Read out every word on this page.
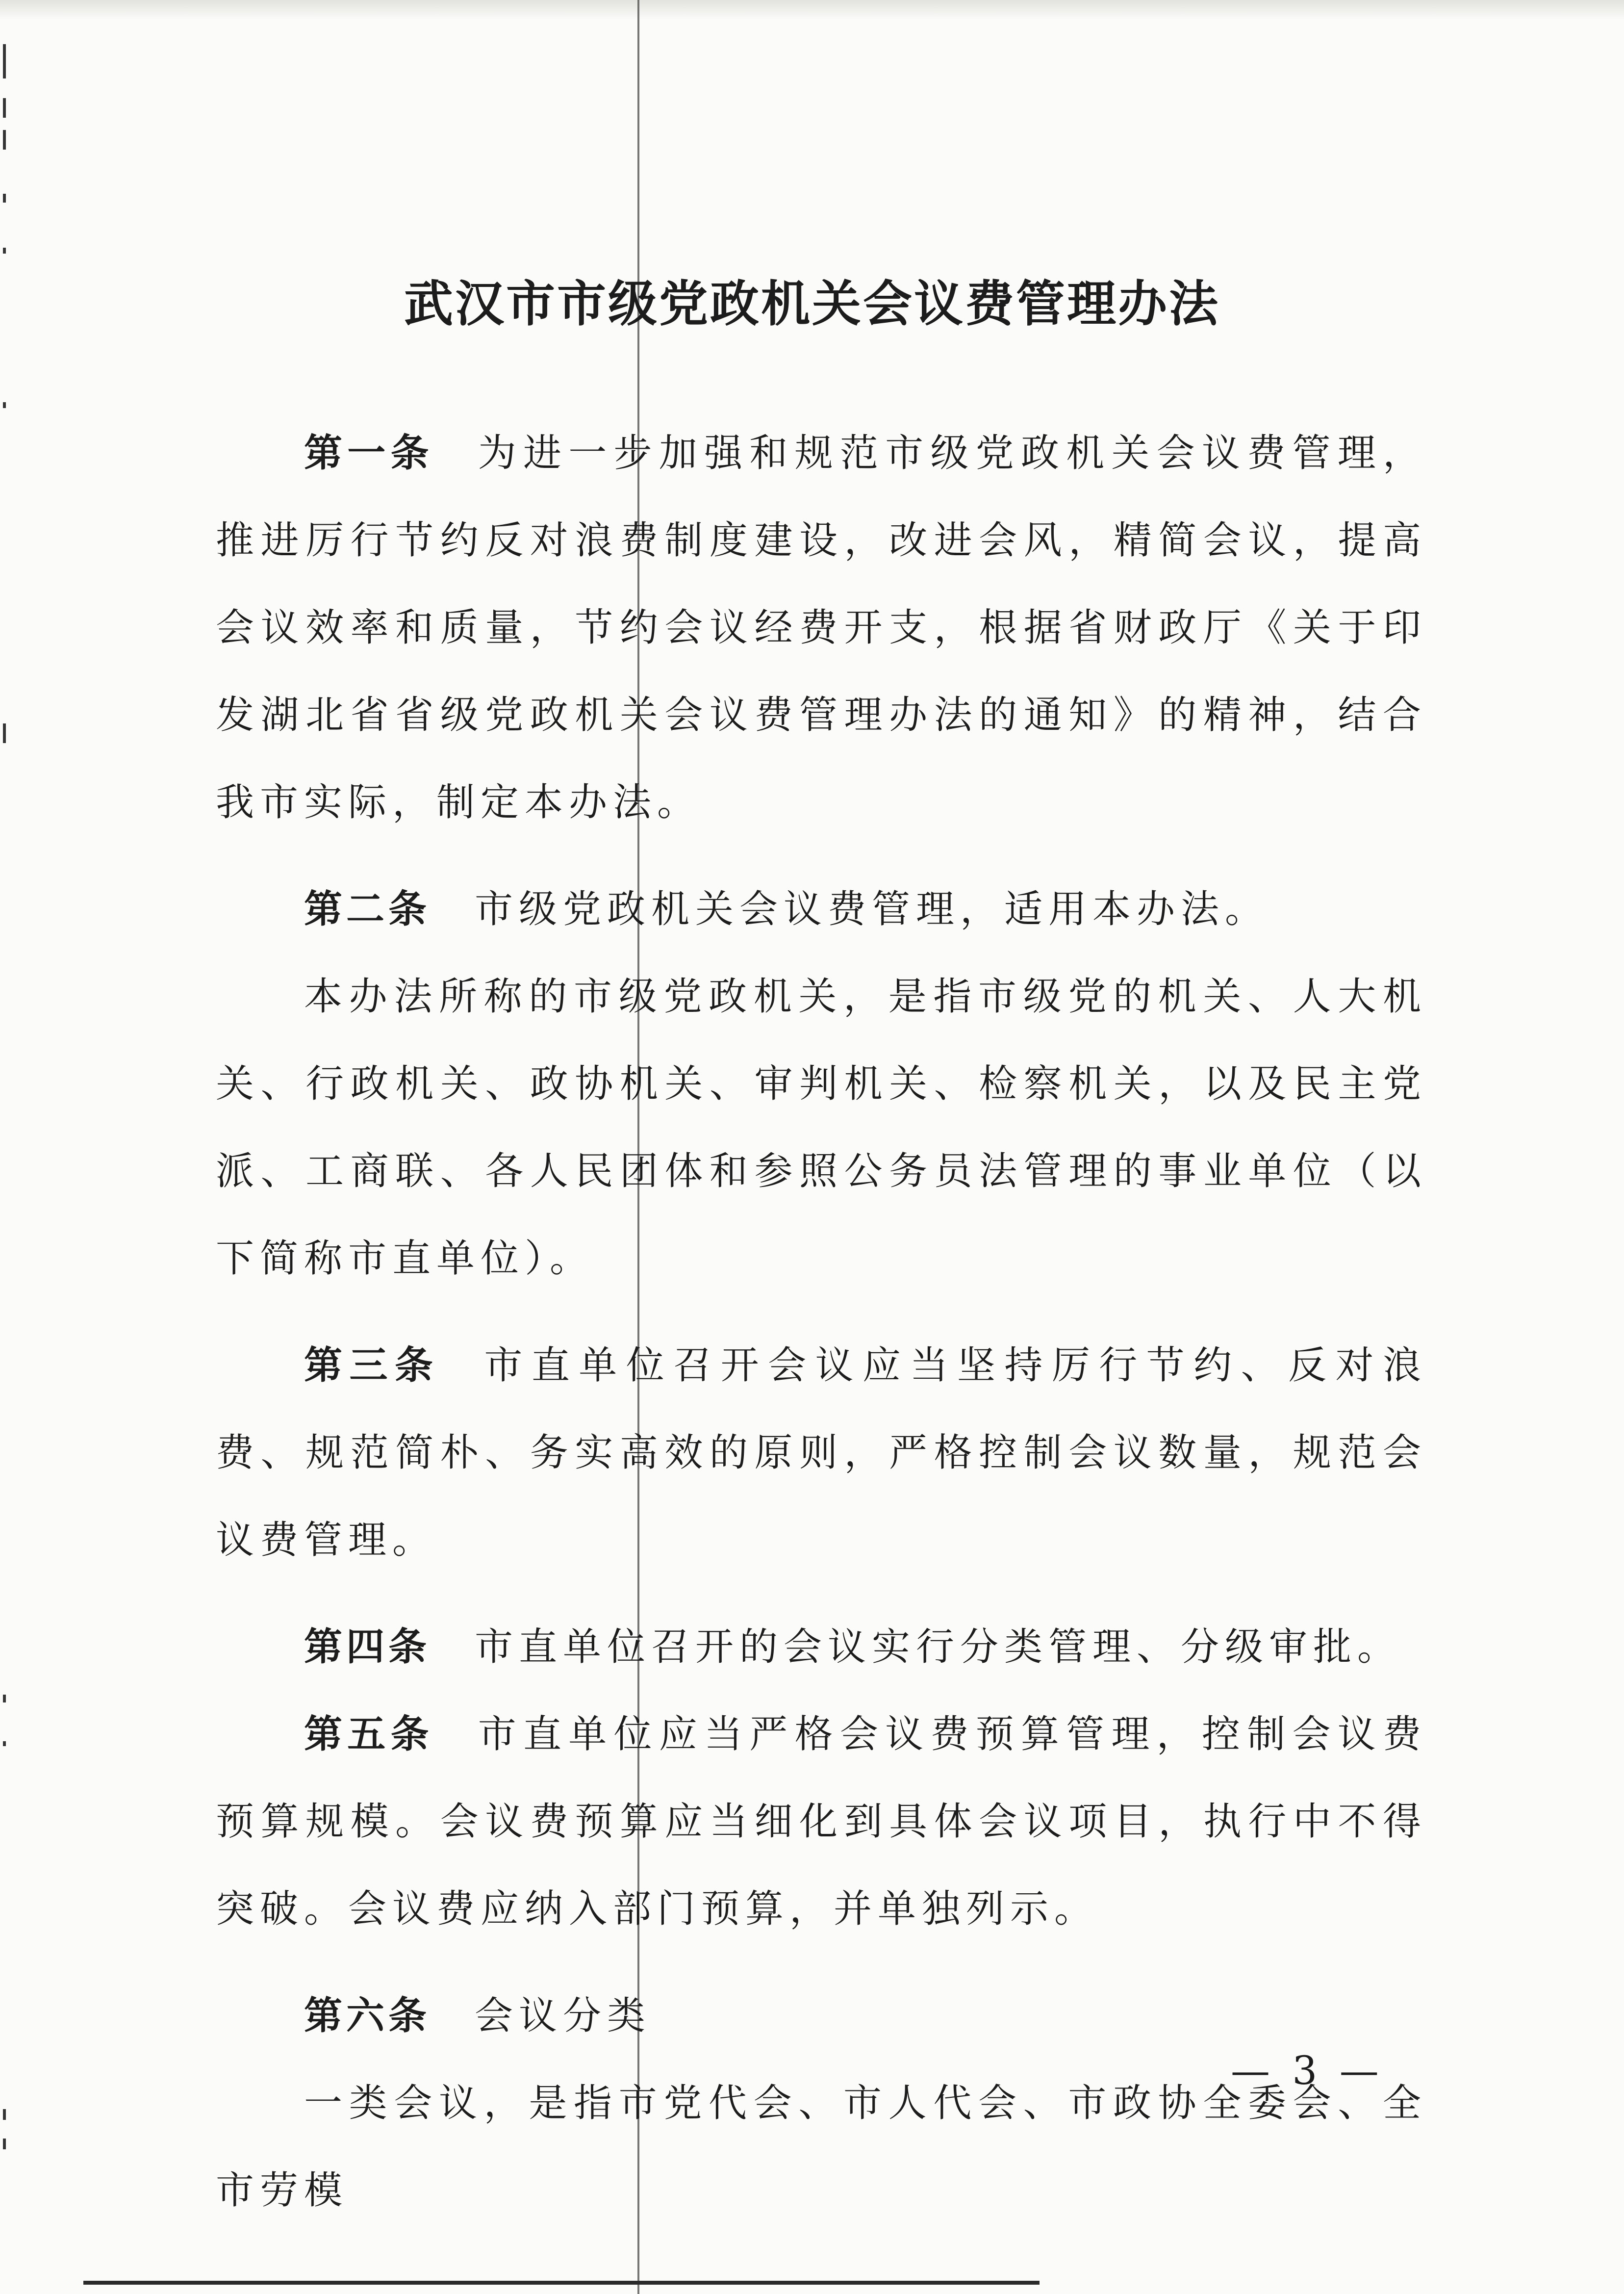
武汉市市级党政机关会议费管理办法

第一条 为进一步加强和规范市级党政机关会议费管理，推进厉行节约反对浪费制度建设，改进会风，精简会议，提高会议效率和质量，节约会议经费开支，根据省财政厅《关于印发湖北省省级党政机关会议费管理办法的通知》的精神，结合我市实际，制定本办法。

第二条 市级党政机关会议费管理，适用本办法。

本办法所称的市级党政机关，是指市级党的机关、人大机关、行政机关、政协机关、审判机关、检察机关，以及民主党派、工商联、各人民团体和参照公务员法管理的事业单位（以下简称市直单位）。

第三条 市直单位召开会议应当坚持厉行节约、反对浪费、规范简朴、务实高效的原则，严格控制会议数量，规范会议费管理。

第四条 市直单位召开的会议实行分类管理、分级审批。

第五条 市直单位应当严格会议费预算管理，控制会议费预算规模。会议费预算应当细化到具体会议项目，执行中不得突破。会议费应纳入部门预算，并单独列示。

第六条 会议分类

一类会议，是指市党代会、市人代会、市政协全委会、全市劳模

— 3 —
